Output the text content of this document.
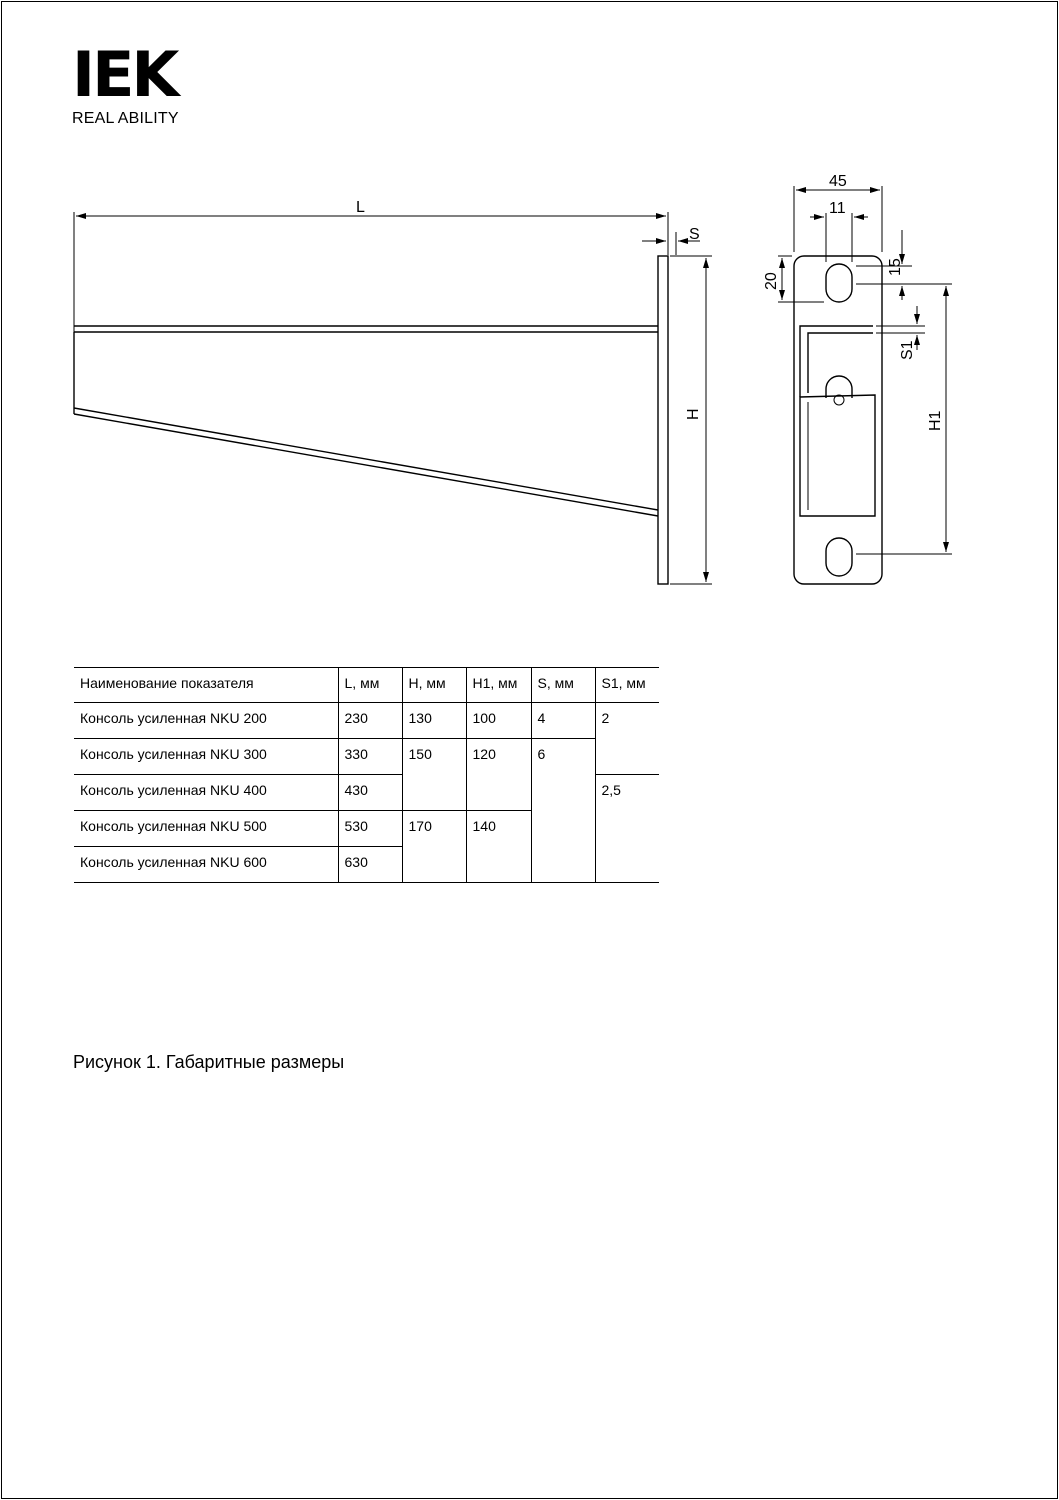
IEK
REAL ABILITY
L
S
H
45
11
20
15
S1
H1
Наименование показателя	L, мм	H, мм	H1, мм	S, мм	S1, мм
Консоль усиленная NKU 200	230	130	100	4	2
Консоль усиленная NKU 300	330	150	120	6	
Консоль усиленная NKU 400	430				2,5
Консоль усиленная NKU 500	530	170	140		
Консоль усиленная NKU 600	630				
Рисунок 1. Габаритные размеры
